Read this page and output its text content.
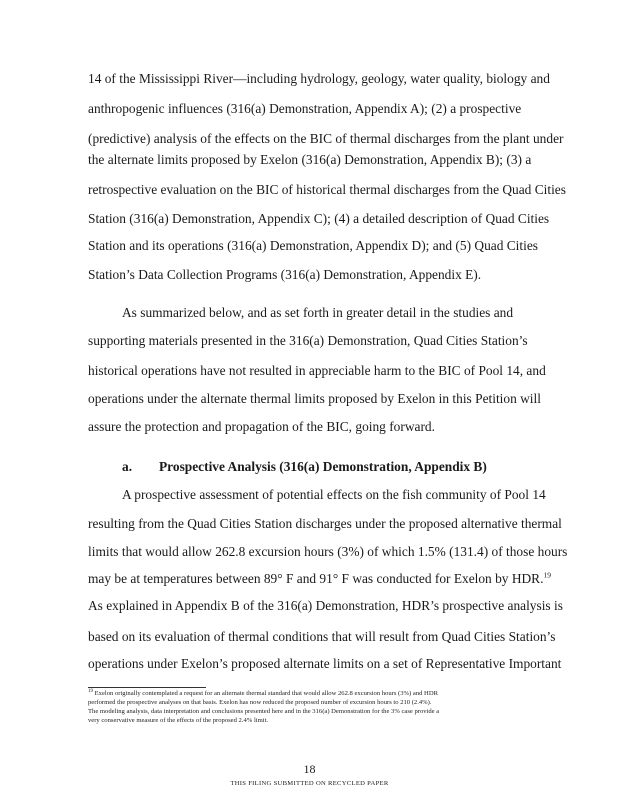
14 of the Mississippi River—including hydrology, geology, water quality, biology and
anthropogenic influences (316(a) Demonstration, Appendix A); (2) a prospective
(predictive) analysis of the effects on the BIC of thermal discharges from the plant under
the alternate limits proposed by Exelon (316(a) Demonstration, Appendix B); (3) a
retrospective evaluation on the BIC of historical thermal discharges from the Quad Cities
Station (316(a) Demonstration, Appendix C); (4) a detailed description of Quad Cities
Station and its operations (316(a) Demonstration, Appendix D); and (5) Quad Cities
Station’s Data Collection Programs (316(a) Demonstration, Appendix E).
As summarized below, and as set forth in greater detail in the studies and
supporting materials presented in the 316(a) Demonstration, Quad Cities Station’s
historical operations have not resulted in appreciable harm to the BIC of Pool 14, and
operations under the alternate thermal limits proposed by Exelon in this Petition will
assure the protection and propagation of the BIC, going forward.
a. Prospective Analysis (316(a) Demonstration, Appendix B)
A prospective assessment of potential effects on the fish community of Pool 14
resulting from the Quad Cities Station discharges under the proposed alternative thermal
limits that would allow 262.8 excursion hours (3%) of which 1.5% (131.4) of those hours
may be at temperatures between 89° F and 91° F was conducted for Exelon by HDR.$^{19}$
As explained in Appendix B of the 316(a) Demonstration, HDR’s prospective analysis is
based on its evaluation of thermal conditions that will result from Quad Cities Station’s
operations under Exelon’s proposed alternate limits on a set of Representative Important
$^{19}$ Exelon originally contemplated a request for an alternate thermal standard that would allow 262.8 excursion hours (3%) and HDR
performed the prospective analyses on that basis. Exelon has now reduced the proposed number of excursion hours to 210 (2.4%).
The modeling analysis, data interpretation and conclusions presented here and in the 316(a) Demonstration for the 3% case provide a
very conservative measure of the effects of the proposed 2.4% limit.
18
THIS FILING SUBMITTED ON RECYCLED PAPER
